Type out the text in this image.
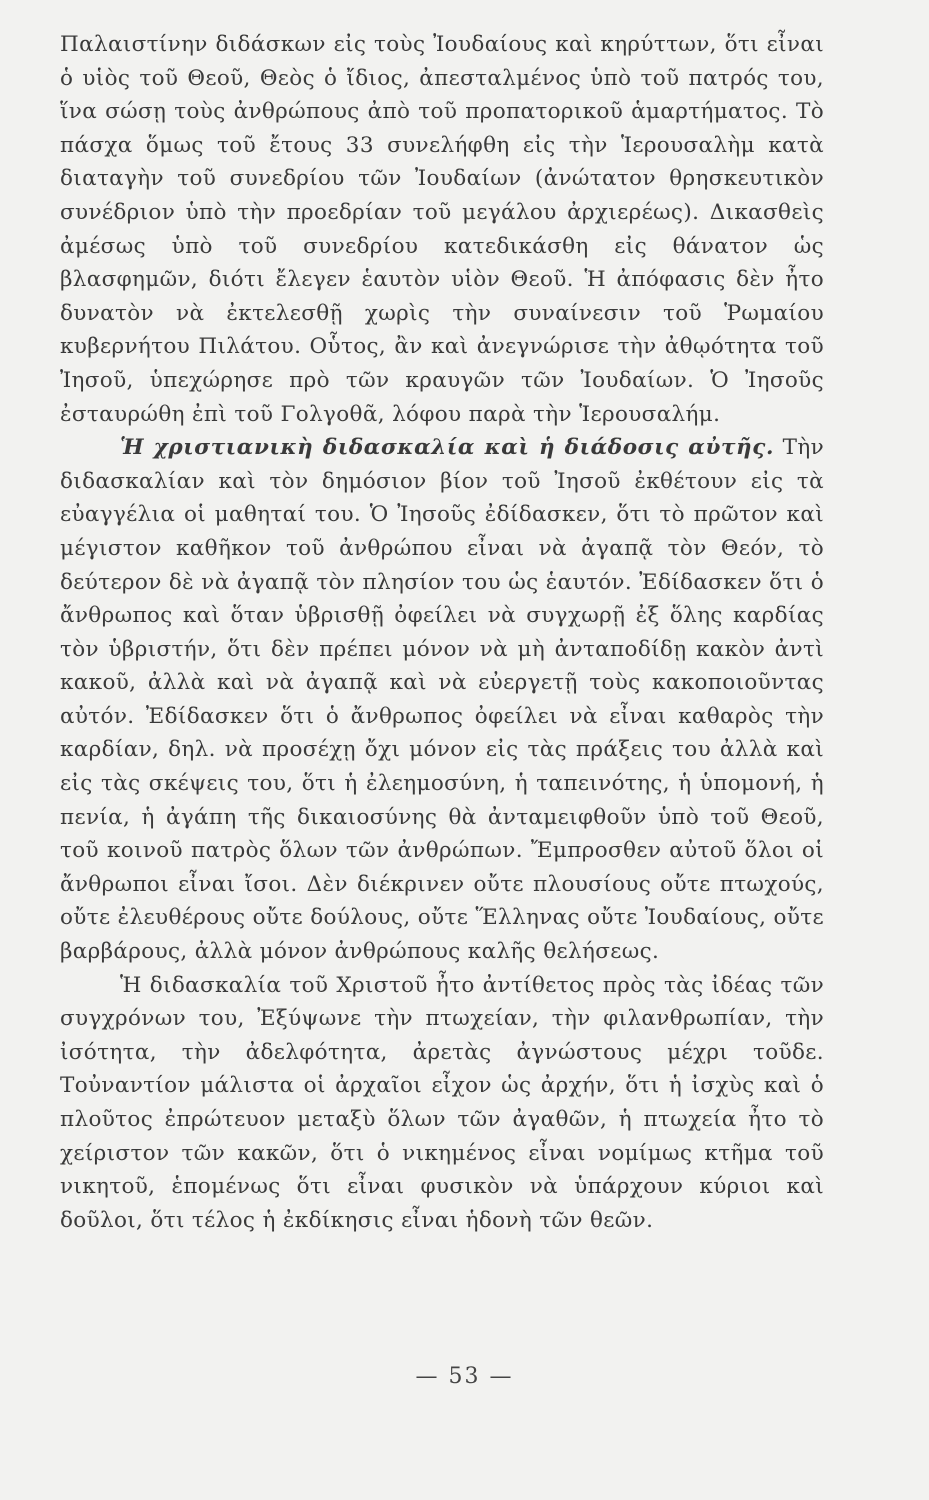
Παλαιστίνην διδάσκων εἰς τοὺς Ἰουδαίους καὶ κηρύττων, ὅτι εἶναι ὁ υἱὸς τοῦ Θεοῦ, Θεὸς ὁ ἴδιος, ἀπεσταλμένος ὑπὸ τοῦ πατρός του, ἵνα σώσῃ τοὺς ἀνθρώπους ἀπὸ τοῦ προπατορικοῦ ἁμαρτήματος. Τὸ πάσχα ὅμως τοῦ ἔτους 33 συνελήφθη εἰς τὴν Ἱερουσαλὴμ κατὰ διαταγὴν τοῦ συνεδρίου τῶν Ἰουδαίων (ἀνώτατον θρησκευτικὸν συνέδριον ὑπὸ τὴν προεδρίαν τοῦ μεγάλου ἀρχιερέως). Δικασθεὶς ἀμέσως ὑπὸ τοῦ συνεδρίου κατεδικάσθη εἰς θάνατον ὡς βλασφημῶν, διότι ἔλεγεν ἑαυτὸν υἱὸν Θεοῦ. Ἡ ἀπόφασις δὲν ἦτο δυνατὸν νὰ ἐκτελεσθῇ χωρὶς τὴν συναίνεσιν τοῦ Ῥωμαίου κυβερνήτου Πιλάτου. Οὗτος, ἂν καὶ ἀνεγνώρισε τὴν ἀθῳότητα τοῦ Ἰησοῦ, ὑπεχώρησε πρὸ τῶν κραυγῶν τῶν Ἰουδαίων. Ὁ Ἰησοῦς ἐσταυρώθη ἐπὶ τοῦ Γολγοθᾶ, λόφου παρὰ τὴν Ἱερουσαλήμ.

Ἡ χριστιανικὴ διδασκαλία καὶ ἡ διάδοσις αὐτῆς. Τὴν διδασκαλίαν καὶ τὸν δημόσιον βίον τοῦ Ἰησοῦ ἐκθέτουν εἰς τὰ εὐαγγέλια οἱ μαθηταί του. Ὁ Ἰησοῦς ἐδίδασκεν, ὅτι τὸ πρῶτον καὶ μέγιστον καθῆκον τοῦ ἀνθρώπου εἶναι νὰ ἀγαπᾷ τὸν Θεόν, τὸ δεύτερον δὲ νὰ ἀγαπᾷ τὸν πλησίον του ὡς ἑαυτόν. Ἐδίδασκεν ὅτι ὁ ἄνθρωπος καὶ ὅταν ὑβρισθῇ ὀφείλει νὰ συγχωρῇ ἐξ ὅλης καρδίας τὸν ὑβριστήν, ὅτι δὲν πρέπει μόνον νὰ μὴ ἀνταποδίδῃ κακὸν ἀντὶ κακοῦ, ἀλλὰ καὶ νὰ ἀγαπᾷ καὶ νὰ εὐεργετῇ τοὺς κακοποιοῦντας αὐτόν. Ἐδίδασκεν ὅτι ὁ ἄνθρωπος ὀφείλει νὰ εἶναι καθαρὸς τὴν καρδίαν, δηλ. νὰ προσέχῃ ὄχι μόνον εἰς τὰς πράξεις του ἀλλὰ καὶ εἰς τὰς σκέψεις του, ὅτι ἡ ἐλεημοσύνη, ἡ ταπεινότης, ἡ ὑπομονή, ἡ πενία, ἡ ἀγάπη τῆς δικαιοσύνης θὰ ἀνταμειφθοῦν ὑπὸ τοῦ Θεοῦ, τοῦ κοινοῦ πατρὸς ὅλων τῶν ἀνθρώπων. Ἔμπροσθεν αὐτοῦ ὅλοι οἱ ἄνθρωποι εἶναι ἴσοι. Δὲν διέκρινεν οὔτε πλουσίους οὔτε πτωχούς, οὔτε ἐλευθέρους οὔτε δούλους, οὔτε Ἕλληνας οὔτε Ἰουδαίους, οὔτε βαρβάρους, ἀλλὰ μόνον ἀνθρώπους καλῆς θελήσεως.

Ἡ διδασκαλία τοῦ Χριστοῦ ἦτο ἀντίθετος πρὸς τὰς ἰδέας τῶν συγχρόνων του, Ἐξύψωνε τὴν πτωχείαν, τὴν φιλανθρωπίαν, τὴν ἰσότητα, τὴν ἀδελφότητα, ἀρετὰς ἀγνώστους μέχρι τοῦδε. Τοὐναντίον μάλιστα οἱ ἀρχαῖοι εἶχον ὡς ἀρχήν, ὅτι ἡ ἰσχὺς καὶ ὁ πλοῦτος ἐπρώτευον μεταξὺ ὅλων τῶν ἀγαθῶν, ἡ πτωχεία ἦτο τὸ χείριστον τῶν κακῶν, ὅτι ὁ νικημένος εἶναι νομίμως κτῆμα τοῦ νικητοῦ, ἑπομένως ὅτι εἶναι φυσικὸν νὰ ὑπάρχουν κύριοι καὶ δοῦλοι, ὅτι τέλος ἡ ἐκδίκησις εἶναι ἡδονὴ τῶν θεῶν.

— 53 —
